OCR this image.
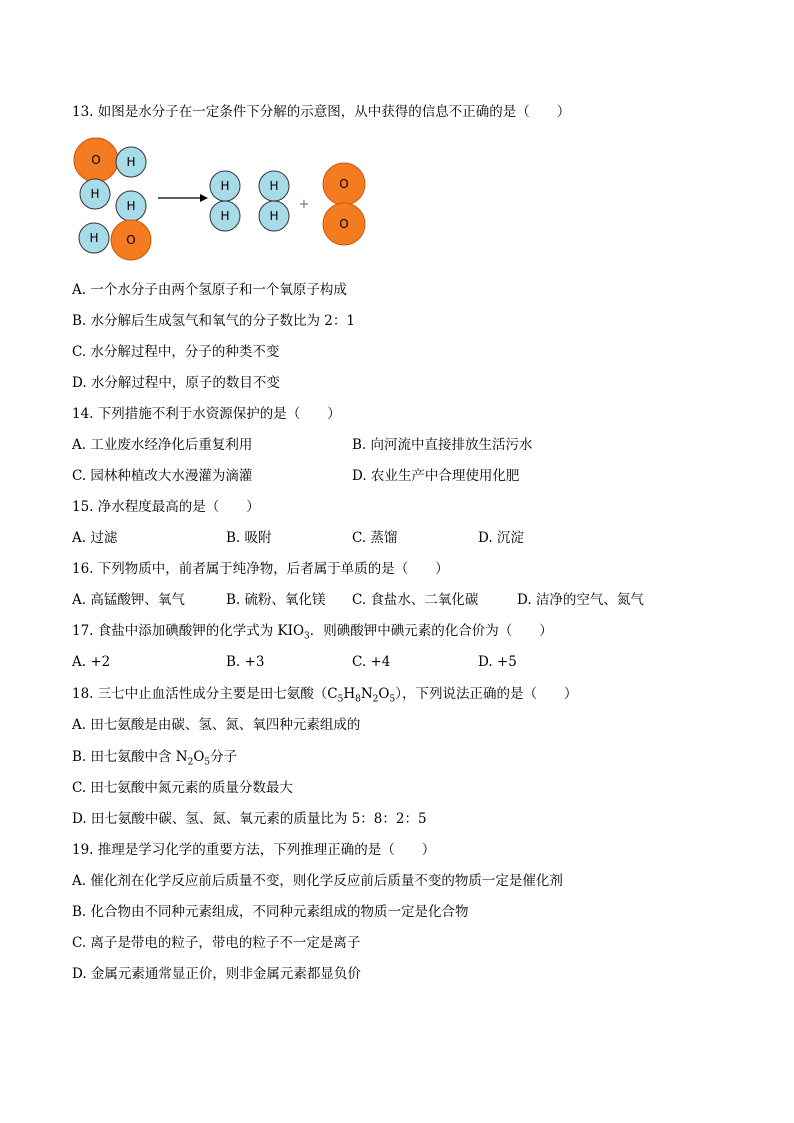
13. 如图是水分子在一定条件下分解的示意图，从中获得的信息不正确的是（　　）
O H
H
H
H O
H
H
H
H
+
O
O
A. 一个水分子由两个氢原子和一个氧原子构成
B. 水分解后生成氢气和氧气的分子数比为 2：1
C. 水分解过程中，分子的种类不变
D. 水分解过程中，原子的数目不变
14. 下列措施不利于水资源保护的是（　　）
A. 工业废水经净化后重复利用	B. 向河流中直接排放生活污水
C. 园林种植改大水漫灌为滴灌	D. 农业生产中合理使用化肥
15. 净水程度最高的是（　　）
A. 过滤	B. 吸附	C. 蒸馏	D. 沉淀
16. 下列物质中，前者属于纯净物，后者属于单质的是（　　）
A. 高锰酸钾、氧气	B. 硫粉、氧化镁 C. 食盐水、二氧化碳	D. 洁净的空气、氮气
17. 食盐中添加碘酸钾的化学式为 $KIO_3$．则碘酸钾中碘元素的化合价为（　　）
A. +2	B. +3	C. +4	D. +5
18. 三七中止血活性成分主要是田七氨酸$(C_5H_8N_2O_5)$，下列说法正确的是（　　）
A. 田七氨酸是由碳、氢、氮、氧四种元素组成的
B. 田七氨酸中含 $N_2O_5$分子
C. 田七氨酸中氮元素的质量分数最大
D. 田七氨酸中碳、氢、氮、氧元素的质量比为 5：8：2：5
19. 推理是学习化学的重要方法，下列推理正确的是（　　）
A. 催化剂在化学反应前后质量不变，则化学反应前后质量不变的物质一定是催化剂
B. 化合物由不同种元素组成，不同种元素组成的物质一定是化合物
C. 离子是带电的粒子，带电的粒子不一定是离子
D. 金属元素通常显正价，则非金属元素都显负价
